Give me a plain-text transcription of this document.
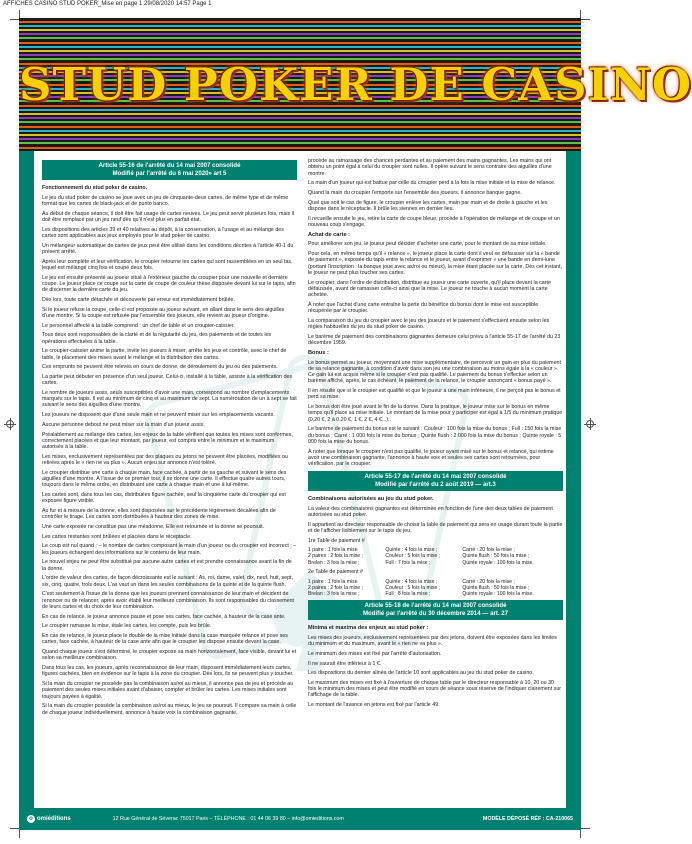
AFFICHES CASINO STUD POKER_Mise en page 1 29/08/2020 14:57 Page 1
STUD POKER DE CASINO
Article 55-16 de l'arrêté du 14 mai 2007 consolidé
Modifié par l'arrêté du 6 mai 2020» art 5
Fonctionnement du stud poker de casino.
Le jeu du stud poker de casino se joue avec un jeu de cinquante-deux cartes, de même type et de même format que les cartes de black-jack et de punto banco.
Au début de chaque séance, il doit être fait usage de cartes neuves. Le jeu peut servir plusieurs fois, mais il doit être remplacé par un jeu neuf dès qu'il n'est plus en parfait état.
Les dispositions des articles 39 et 40 relatives au dépôt, à la conservation, à l'usage et au mélange des cartes sont applicables aux jeux employés pour le stud poker de casino.
Un mélangeur automatique de cartes de jeux peut être utilisé dans les conditions décrites à l'article 40-1 du présent arrêté.
Après leur complète et leur vérification, le croupier retourne les cartes qui sont rassemblées en un seul tas, lequel est mélangé cinq fois et coupé deux fois.
Le jeu est ensuite présenté au joueur situé à l'extérieur gauche du croupier pour une nouvelle et dernière coupe. Le joueur place ce coupe sur la carte de coupe de couleur thèse disposée devant lui sur le tapis, afin de discerner la dernière carte du jeu.
Dès lors, toute carte détachée et découverte par erreur est immédiatement brûlée.
Si le joueur refuse la coupe, celle-ci est proposée au joueur suivant, en allant dans le sens des aiguilles d'une montre. Si la coupe est refusée par l'ensemble des joueurs, elle revient au joueur d'origine.
Le personnel affecté à la table comprend : un chef de table et un croupier-caissier.
Tous deux sont responsables de la clarté et de la régularité du jeu, des paiements et de toutes les opérations effectuées à la table.
Le croupier-caissier anime la partie, invite les joueurs à miser, arrête les jeux et contrôle, avec le chef de table, le placement des mises avant le mélange et la distribution des cartes.
Ces emprunts ne peuvent être relevés en cours de donne, de déroulement du jeu ou des paiements.
La partie peut débuter en présence d'un seul joueur. Celui-ci, installé à la table, assiste à la vérification des cartes.
Le nombre de joueurs assis, seuls susceptibles d'avoir une main, correspond au nombre d'emplacements marqués sur le tapis. Il est au minimum de cinq et au maximum de sept. La numérotation de un à sept se fait suivant le sens des aiguilles d'une montre.
Les joueurs ne disposent que d'une seule main et ne peuvent miser sur les emplacements vacants.
Aucune personne debout ne peut miser sur la main d'un joueur assis.
Préalablement au mélange des cartes, les enjeux de la table vérifient que toutes les mises sont conformes, correctement placées et que leur montant, par joueur, est compris entre le minimum et le maximum autorisés à la table.
Les mises, exclusivement représentées par des plaques ou jetons ne peuvent être placées, modifiées ou retirées après le « rien ne va plus ». Aucun enjeu sur annonce n'est toléré.
Le croupier distribue une carte à chaque main, face cachée, à partir de sa gauche et suivant le sens des aiguilles d'une montre. À l'issue de ce premier tour, il se donne une carte. Il effectue quatre autres tours, toujours dans le même ordre, en distribuant une carte à chaque main et une à lui-même.
Les cartes sont, dans tous les cas, distribuées figure cachée, seul la cinquième carte du croupier qui est exposée figure visible.
Au fur et à mesure de la donne, elles sont disposées sur le précédente légèrement décalées afin de contrôler le tirage. Les cartes sont distribuées à hauteur des zones de mise.
Une carte exposée ne constitue pas une mésdonne. Elle est retournée et la donne se poursuit.
Les cartes restantes sont brûlées et placées dans le réceptacle.
Le coup est nul quand : – le nombre de cartes composant la main d'un joueur ou du croupier est incorrect ; – les joueurs échangent des informations sur le contenu de leur main.
Le nouvel enjeu ne peut être substitué par aucune autre cartes et est prendre connaissance avant la fin de la donne.
L'ordre de valeur des cartes, de façon décroissante est le suivant : As, roi, dame, valet, dix, neuf, huit, sept, six, cinq, quatre, trois deux. L'as vaut un dans les seules combinaisons de la quinte et de la quinte flush.
C'est seulement à l'issue de la donne que les joueurs prennent connaissance de leur main et décident de renoncer ou de relancer, après avoir établi leur meilleure combinaison. Ils sont responsables du classement de leurs cartes et du choix de leur combinaison.
En cas de relance, le joueur annonce pause et pose ses cartes, face cachée, à hauteur de la case ante.
Le croupier ramasse la mise, étale les cartes, les compte, puis les brûle.
En cas de relance, le joueur place le double de la mise initiale dans la case marquée relance et pose ses cartes, face cachée, à hauteur de la case ante afin que le croupier les dispose ensuite devant la case.
Quand chaque joueur s'est déterminé, le croupier expose sa main horizontalement, face visible, devant lui et selon sa meilleure combinaison.
Dans tous les cas, les joueurs, après reconnaissance de leur main, disposent immédiatement leurs cartes, figures cachées, bien en évidence sur le tapis à la zone du croupier. Dès lors, ils ne peuvent plus y toucher.
Si la main du croupier ne possède pas la combinaison as/roi au mieux, il annonce pas de jeu et procède au paiement des seules mises initiales avant d'abaiser, compter et brûler les cartes. Les mises initiales sont toujours payées à égalité.
Si la main du croupier possède la combinaison as/roi au mieux, le jeu se poursuit. Il compare sa main à celle de chaque joueur individuellement, annonce à haute voix la combinaison gagnante,
procède au ramassage des chances perdantes et au paiement des mains gagnantes. Les mains qui ont obtenu un point égal à celui du croupier sont nulles. Il opère suivant le sens contraire des aiguilles d'une montre.
La main d'un joueur qui est battue par celle du croupier perd à la fois la mise initiale et la mise de relance.
Quand la main du croupier l'emporte sur l'ensemble des joueurs, il annonce banque gagne.
Quel que soit le cas de figure, le croupier enlève les cartes, main par main et de droite à gauche et les dispose dans le réceptacle. Il brûle les siennes en dernier lieu.
Il recueille ensuite le jeu, retire la carte de coupe bleue, procède à l'opération de mélange et de coupe et un nouveau coup s'engage.
Achat de carte :
Pour améliorer son jeu, le joueur peut décider d'acheter une carte, pour le montant de sa mise initiale.
Pour cela, en même temps qu'il « relance », le joueur place la carte dont il veut se défausser sur la « bande de paiement », exposée du tapis entre la relance et le joueur, avant d'exprimer « une bande en demi-lune (portant l'inscription : la banque joue avec as/roi ou mieux), la mise étant placée sur la carte. Dès cet instant, le joueur ne peut plus toucher ses cartes.
Le croupier, dans l'ordre de distribution, distribue au joueur une carte ouverte, qu'il place devant la carte défaussée, avant de ramasser celle-ci ainsi que la mise. Le joueur ne touche à aucun moment la carte achetée.
À noter que l'achat d'une carte entraîne la perte du bénéfice du bonus dont le mise est susceptible récupérée par le croupier.
La comparaison du jeu du croupier avec le jeu des joueurs et le paiement s'effectuent ensuite selon les règles habituelles du jeu du stud poker de casino.
Le barème de paiement des combinaisons gagnantes demeure celui prévu à l'article 55-17 de l'arrêté du 23 décembre 1959.
Bonus :
Le bonus permet au joueur, moyennant une mise supplémentaire, de percevoir un gain en plus du paiement de sa relance gagnante, à condition d'avoir dans son jeu une combinaison au moins égale à la « couleur ». Ce gain lui est acquis même si le croupier n'est pas qualifié. Le paiement du bonus s'effectue selon un barème affiché, après, le cas échéant, le paiement de la relance, le croupier annonçant « bonus payé ».
Il en résulte que si le croupier est qualifié et que le joueur a une main inférieure, il ne perçoit pas le bonus et perd sa mise.
Le bonus doit être joué avant le fin de la donne. Dans la pratique, le joueur mise sur le bonus en même temps qu'il place sa mise initiale. Le montant de la mise pour y participer est égal à 1/5 du minimum pratique (0,20 €, 2 à 0,20 €, 1 €, 2 €, 4 €...).
Le barème de paiement du bonus est le suivant : Couleur : 100 fois la mise du bonus ; Full : 150 fois la mise du bonus ; Carré : 1 000 fois la mise du bonus ; Quinte flush : 2 000 fois la mise du bonus ; Quinte royale : 5 000 fois la mise du bonus.
À noter que lorsque le croupier n'est pas qualifié, le joueur ayant misé sur le bonus et relancé, qui estime avoir une combinaison gagnante, l'annonce à haute voix et seules ses cartes sont retournées, pour vérification, par le croupier.
Article 55-17 de l'arrêté du 14 mai 2007 consolidé
Modifié par l'arrêté du 2 août 2019 — art.3
Combinaisons autorisées au jeu du stud poker.
La valeur des combinaisons gagnantes est déterminée en fonction de l'une des deux tables de paiement autorisées au stud poker.
Il appartient au directeur responsable de choisir la table de paiement qui sera en usage durant toute la partie et de l'afficher lisiblement sur le tapis de jeu.
1re Table de paiement #
1 paire : 1 fois la mise	Quinte : 4 fois la mise ;	Carré : 20 fois la mise ;
2 paires : 2 fois la mise ;	Couleur : 5 fois la mise ;	Quinte flush : 50 fois la mise ;
Brelan : 3 fois la mise ;	Full : 7 fois la mise ;	Quinte royale : 100 fois la mise.
2e Table de paiement #
1 paire : 1 fois la mise	Quinte : 4 fois la mise ;	Carré : 20 fois la mise ;
2 paires : 2 fois la mise ;	Couleur : 5 fois la mise ;	Quinte flush : 50 fois la mise ;
Brelan : 3 fois la mise ;	Full : 8 fois la mise ;	Quinte royale : 100 fois la mise.
Article 55-18 de l'arrêté du 14 mai 2007 consolidé
Modifié par l'arrêté du 30 décembre 2014 — art. 27
Minima et maxima des enjeux au stud poker :
Les mises des joueurs, exclusivement représentées par des jetons, doivent être exposées dans les limites du minimum et du maximum, avant le « rien ne va plus ».
Le minimum des mises est fixé par l'arrêté d'autorisation.
Il ne saurait être inférieur à 1 €.
Les dispositions du dernier alinéa de l'article 10 sont applicables au jeu du stud poker de casino.
Le maximum des mises est fixé à l'ouverture de chaque table par le directeur responsable à 10, 20 ou 30 fois le minimum des mises et peut être modifié en cours de séance sous réserve de l'indiquer clairement sur l'affichage de la table.
Le montant de l'avance en jetons est fixé par l'article 49.
o omiéditions	12 Rue Général de Séverac 75017 Paris – TÉLÉPHONE : 01 44 06 39 80 – info@omieditions.com	MODÈLE DÉPOSÉ RÉF : CA-210065
